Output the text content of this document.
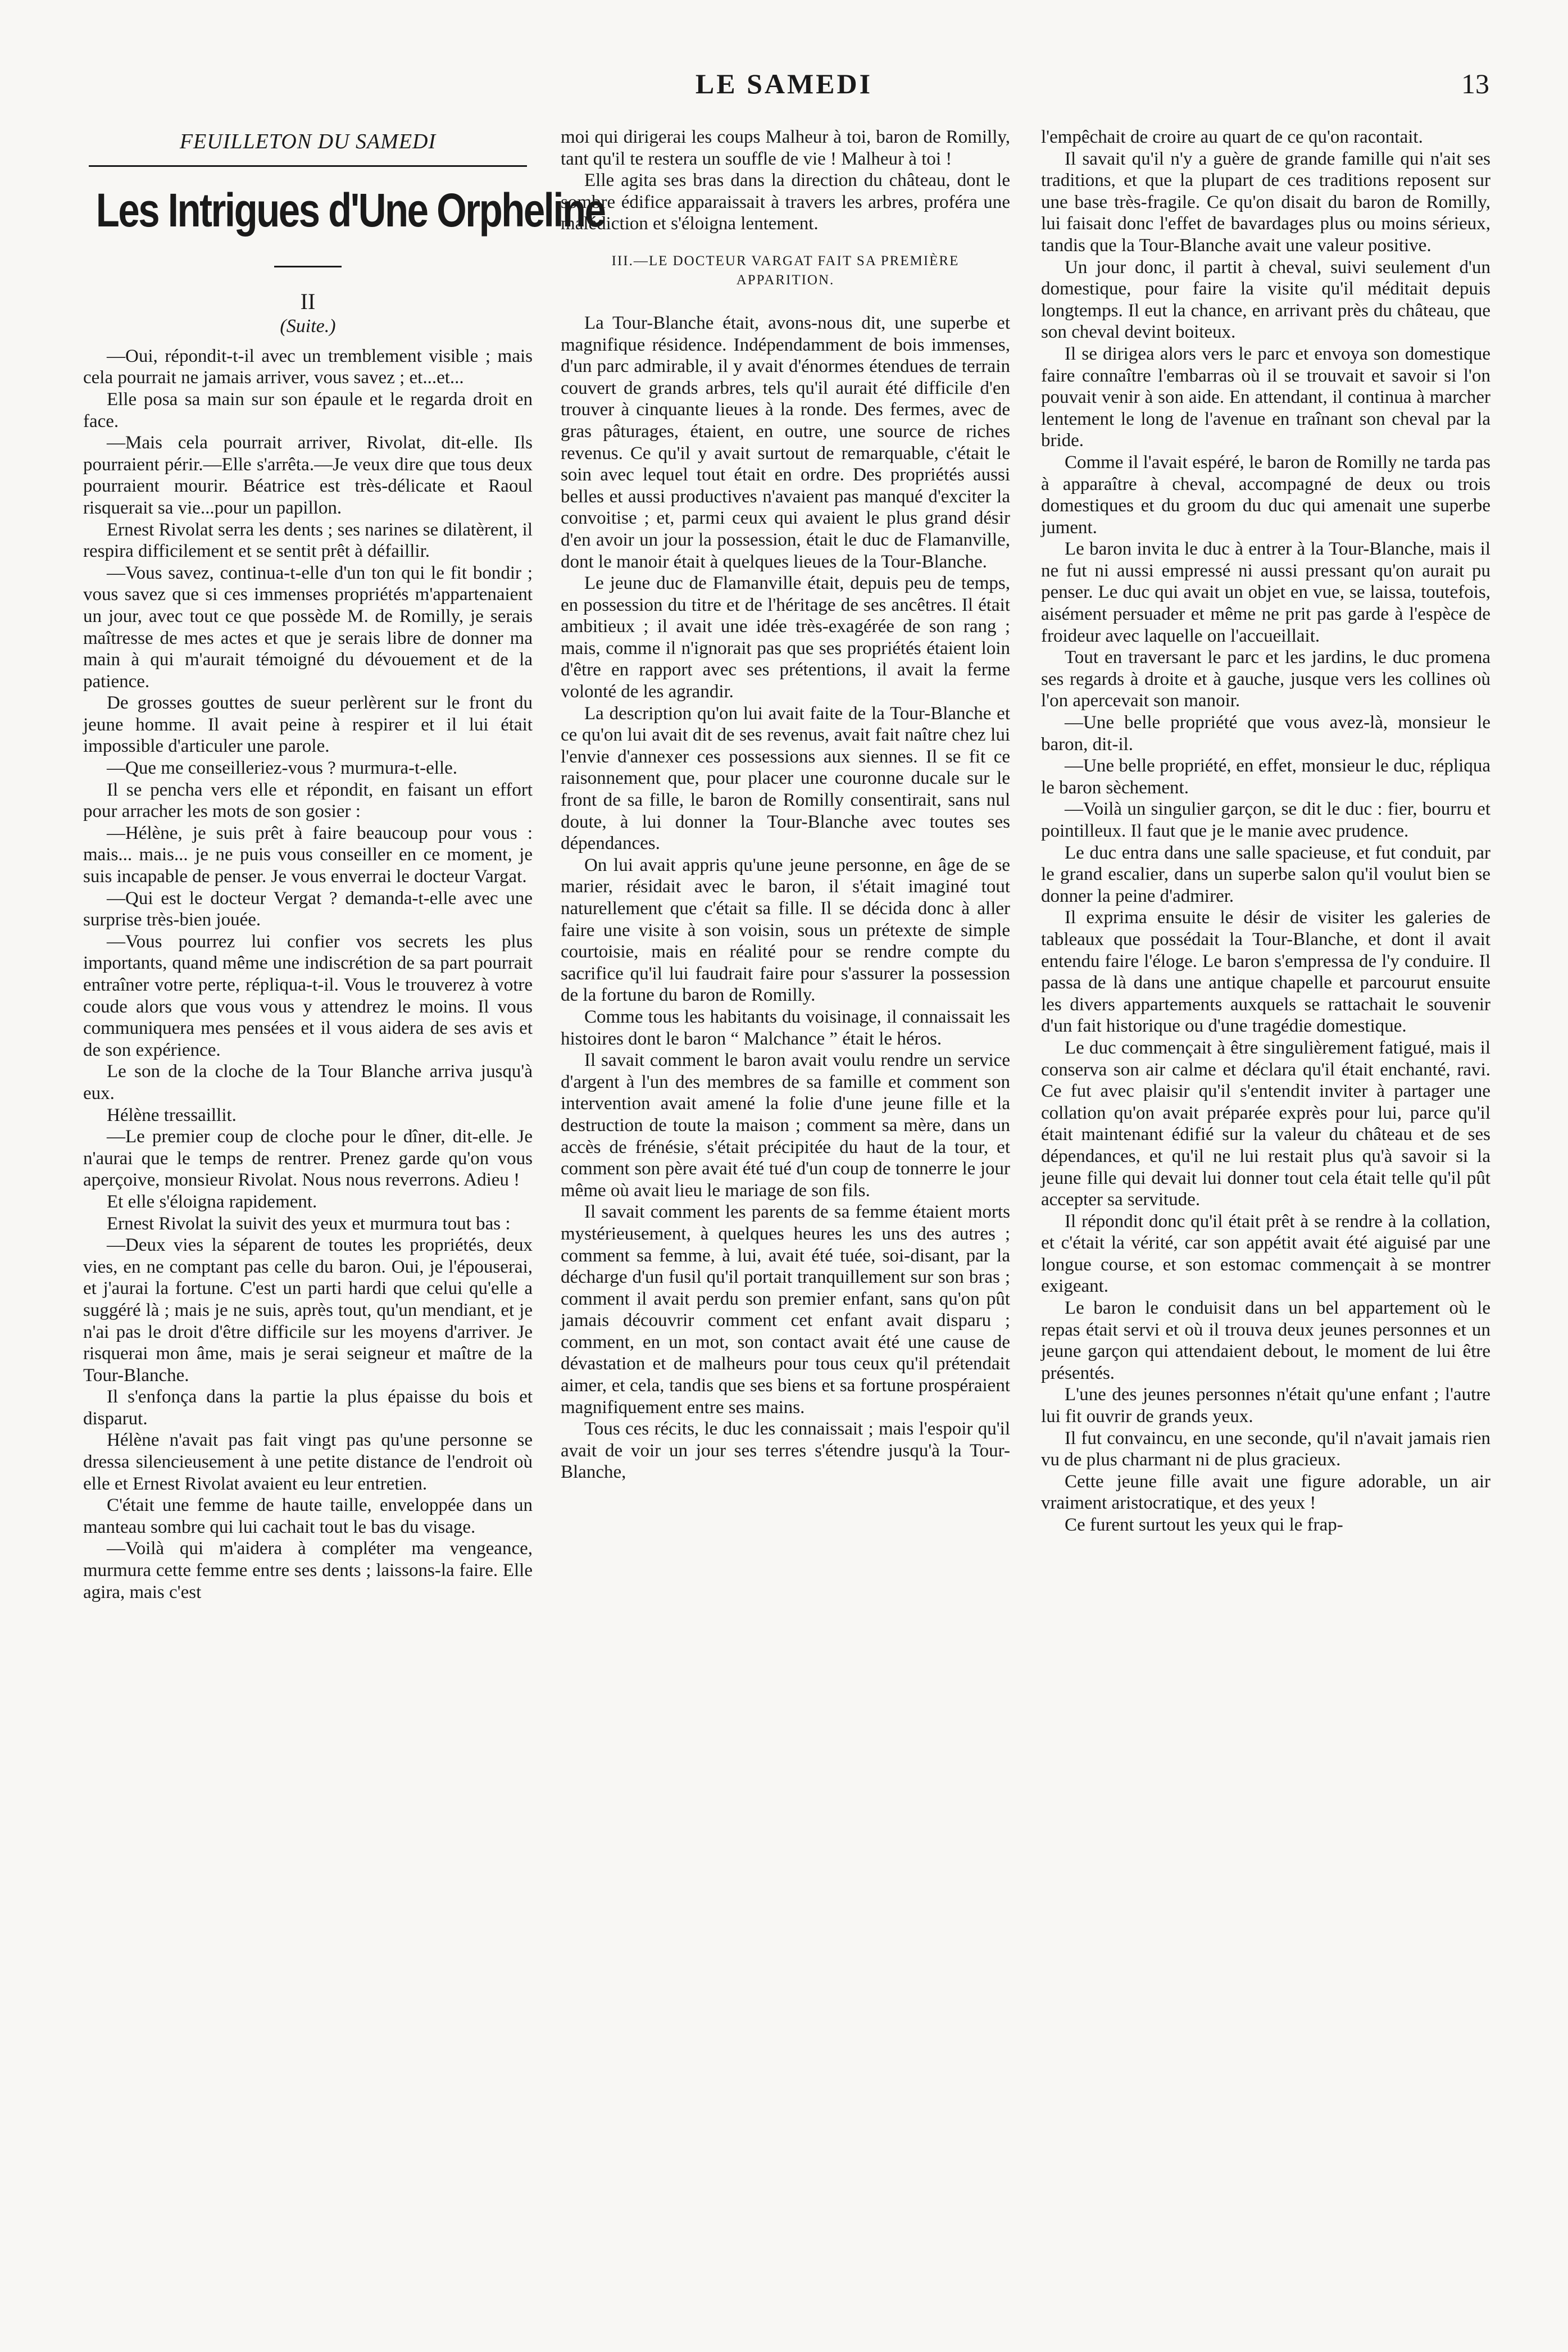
LE SAMEDI	13
FEUILLETON DU SAMEDI
Les Intrigues d'Une Orpheline
II
(Suite.)

—Oui, répondit-t-il avec un tremblement visible ; mais cela pourrait ne jamais arriver, vous savez ; et...et...

Elle posa sa main sur son épaule et le regarda droit en face.

—Mais cela pourrait arriver, Rivolat, dit-elle. Ils pourraient périr.—Elle s'arrêta.—Je veux dire que tous deux pourraient mourir. Béatrice est très-délicate et Raoul risquerait sa vie...pour un papillon.

Ernest Rivolat serra les dents ; ses narines se dilatèrent, il respira difficilement et se sentit prêt à défaillir.

—Vous savez, continua-t-elle d'un ton qui le fit bondir ; vous savez que si ces immenses propriétés m'appartenaient un jour, avec tout ce que possède M. de Romilly, je serais maîtresse de mes actes et que je serais libre de donner ma main à qui m'aurait témoigné du dévouement et de la patience.

De grosses gouttes de sueur perlèrent sur le front du jeune homme. Il avait peine à respirer et il lui était impossible d'articuler une parole.

—Que me conseilleriez-vous ? murmura-t-elle.

Il se pencha vers elle et répondit, en faisant un effort pour arracher les mots de son gosier :

—Hélène, je suis prêt à faire beaucoup pour vous : mais... mais... je ne puis vous conseiller en ce moment, je suis incapable de penser. Je vous enverrai le docteur Vargat.

—Qui est le docteur Vergat ? demanda-t-elle avec une surprise très-bien jouée.

—Vous pourrez lui confier vos secrets les plus importants, quand même une indiscrétion de sa part pourrait entraîner votre perte, répliqua-t-il. Vous le trouverez à votre coude alors que vous vous y attendrez le moins. Il vous communiquera mes pensées et il vous aidera de ses avis et de son expérience.

Le son de la cloche de la Tour Blanche arriva jusqu'à eux.

Hélène tressaillit.

—Le premier coup de cloche pour le dîner, dit-elle. Je n'aurai que le temps de rentrer. Prenez garde qu'on vous aperçoive, monsieur Rivolat. Nous nous reverrons. Adieu !

Et elle s'éloigna rapidement.

Ernest Rivolat la suivit des yeux et murmura tout bas :

—Deux vies la séparent de toutes les propriétés, deux vies, en ne comptant pas celle du baron. Oui, je l'épouserai, et j'aurai la fortune. C'est un parti hardi que celui qu'elle a suggéré là ; mais je ne suis, après tout, qu'un mendiant, et je n'ai pas le droit d'être difficile sur les moyens d'arriver. Je risquerai mon âme, mais je serai seigneur et maître de la Tour-Blanche.

Il s'enfonça dans la partie la plus épaisse du bois et disparut.

Hélène n'avait pas fait vingt pas qu'une personne se dressa silencieusement à une petite distance de l'endroit où elle et Ernest Rivolat avaient eu leur entretien.

C'était une femme de haute taille, enveloppée dans un manteau sombre qui lui cachait tout le bas du visage.

—Voilà qui m'aidera à compléter ma vengeance, murmura cette femme entre ses dents ; laissons-la faire. Elle agira, mais c'est

moi qui dirigerai les coups Malheur à toi, baron de Romilly, tant qu'il te restera un souffle de vie ! Malheur à toi !

Elle agita ses bras dans la direction du château, dont le sombre édifice apparaissait à travers les arbres, proféra une malédiction et s'éloigna lentement.

III.—LE DOCTEUR VARGAT FAIT SA PREMIÈRE APPARITION.

La Tour-Blanche était, avons-nous dit, une superbe et magnifique résidence. Indépendamment de bois immenses, d'un parc admirable, il y avait d'énormes étendues de terrain couvert de grands arbres, tels qu'il aurait été difficile d'en trouver à cinquante lieues à la ronde. Des fermes, avec de gras pâturages, étaient, en outre, une source de riches revenus. Ce qu'il y avait surtout de remarquable, c'était le soin avec lequel tout était en ordre. Des propriétés aussi belles et aussi productives n'avaient pas manqué d'exciter la convoitise ; et, parmi ceux qui avaient le plus grand désir d'en avoir un jour la possession, était le duc de Flamanville, dont le manoir était à quelques lieues de la Tour-Blanche.

Le jeune duc de Flamanville était, depuis peu de temps, en possession du titre et de l'héritage de ses ancêtres. Il était ambitieux ; il avait une idée très-exagérée de son rang ; mais, comme il n'ignorait pas que ses propriétés étaient loin d'être en rapport avec ses prétentions, il avait la ferme volonté de les agrandir.

La description qu'on lui avait faite de la Tour-Blanche et ce qu'on lui avait dit de ses revenus, avait fait naître chez lui l'envie d'annexer ces possessions aux siennes. Il se fit ce raisonnement que, pour placer une couronne ducale sur le front de sa fille, le baron de Romilly consentirait, sans nul doute, à lui donner la Tour-Blanche avec toutes ses dépendances.

On lui avait appris qu'une jeune personne, en âge de se marier, résidait avec le baron, il s'était imaginé tout naturellement que c'était sa fille. Il se décida donc à aller faire une visite à son voisin, sous un prétexte de simple courtoisie, mais en réalité pour se rendre compte du sacrifice qu'il lui faudrait faire pour s'assurer la possession de la fortune du baron de Romilly.

Comme tous les habitants du voisinage, il connaissait les histoires dont le baron “ Malchance ” était le héros.

Il savait comment le baron avait voulu rendre un service d'argent à l'un des membres de sa famille et comment son intervention avait amené la folie d'une jeune fille et la destruction de toute la maison ; comment sa mère, dans un accès de frénésie, s'était précipitée du haut de la tour, et comment son père avait été tué d'un coup de tonnerre le jour même où avait lieu le mariage de son fils.

Il savait comment les parents de sa femme étaient morts mystérieusement, à quelques heures les uns des autres ; comment sa femme, à lui, avait été tuée, soi-disant, par la décharge d'un fusil qu'il portait tranquillement sur son bras ; comment il avait perdu son premier enfant, sans qu'on pût jamais découvrir comment cet enfant avait disparu ; comment, en un mot, son contact avait été une cause de dévastation et de malheurs pour tous ceux qu'il prétendait aimer, et cela, tandis que ses biens et sa fortune prospéraient magnifiquement entre ses mains.

Tous ces récits, le duc les connaissait ; mais l'espoir qu'il avait de voir un jour ses terres s'étendre jusqu'à la Tour-Blanche,

l'empêchait de croire au quart de ce qu'on racontait.

Il savait qu'il n'y a guère de grande famille qui n'ait ses traditions, et que la plupart de ces traditions reposent sur une base très-fragile. Ce qu'on disait du baron de Romilly, lui faisait donc l'effet de bavardages plus ou moins sérieux, tandis que la Tour-Blanche avait une valeur positive.

Un jour donc, il partit à cheval, suivi seulement d'un domestique, pour faire la visite qu'il méditait depuis longtemps. Il eut la chance, en arrivant près du château, que son cheval devint boiteux.

Il se dirigea alors vers le parc et envoya son domestique faire connaître l'embarras où il se trouvait et savoir si l'on pouvait venir à son aide. En attendant, il continua à marcher lentement le long de l'avenue en traînant son cheval par la bride.

Comme il l'avait espéré, le baron de Romilly ne tarda pas à apparaître à cheval, accompagné de deux ou trois domestiques et du groom du duc qui amenait une superbe jument.

Le baron invita le duc à entrer à la Tour-Blanche, mais il ne fut ni aussi empressé ni aussi pressant qu'on aurait pu penser. Le duc qui avait un objet en vue, se laissa, toutefois, aisément persuader et même ne prit pas garde à l'espèce de froideur avec laquelle on l'accueillait.

Tout en traversant le parc et les jardins, le duc promena ses regards à droite et à gauche, jusque vers les collines où l'on apercevait son manoir.

—Une belle propriété que vous avez-là, monsieur le baron, dit-il.

—Une belle propriété, en effet, monsieur le duc, répliqua le baron sèchement.

—Voilà un singulier garçon, se dit le duc : fier, bourru et pointilleux. Il faut que je le manie avec prudence.

Le duc entra dans une salle spacieuse, et fut conduit, par le grand escalier, dans un superbe salon qu'il voulut bien se donner la peine d'admirer.

Il exprima ensuite le désir de visiter les galeries de tableaux que possédait la Tour-Blanche, et dont il avait entendu faire l'éloge. Le baron s'empressa de l'y conduire. Il passa de là dans une antique chapelle et parcourut ensuite les divers appartements auxquels se rattachait le souvenir d'un fait historique ou d'une tragédie domestique.

Le duc commençait à être singulièrement fatigué, mais il conserva son air calme et déclara qu'il était enchanté, ravi. Ce fut avec plaisir qu'il s'entendit inviter à partager une collation qu'on avait préparée exprès pour lui, parce qu'il était maintenant édifié sur la valeur du château et de ses dépendances, et qu'il ne lui restait plus qu'à savoir si la jeune fille qui devait lui donner tout cela était telle qu'il pût accepter sa servitude.

Il répondit donc qu'il était prêt à se rendre à la collation, et c'était la vérité, car son appétit avait été aiguisé par une longue course, et son estomac commençait à se montrer exigeant.

Le baron le conduisit dans un bel appartement où le repas était servi et où il trouva deux jeunes personnes et un jeune garçon qui attendaient debout, le moment de lui être présentés.

L'une des jeunes personnes n'était qu'une enfant ; l'autre lui fit ouvrir de grands yeux.

Il fut convaincu, en une seconde, qu'il n'avait jamais rien vu de plus charmant ni de plus gracieux.

Cette jeune fille avait une figure adorable, un air vraiment aristocratique, et des yeux !

Ce furent surtout les yeux qui le frap-
